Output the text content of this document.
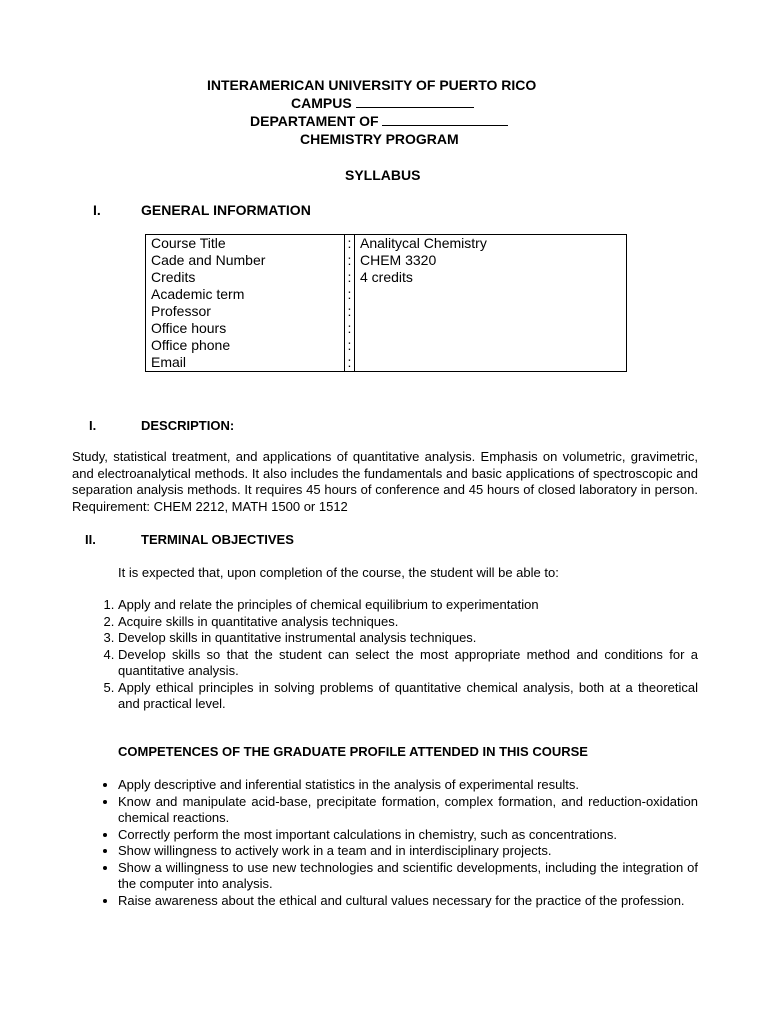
INTERAMERICAN UNIVERSITY OF PUERTO RICO
CAMPUS
DEPARTAMENT OF
CHEMISTRY PROGRAM
SYLLABUS
I.	GENERAL INFORMATION
Course Title	:	Analitycal Chemistry
Cade and Number	:	CHEM 3320
Credits	:	4 credits
Academic term	:	
Professor	:	
Office hours	:	
Office phone	:	
Email	:	
I.	DESCRIPTION:
Study, statistical treatment, and applications of quantitative analysis. Emphasis on volumetric, gravimetric, and electroanalytical methods. It also includes the fundamentals and basic applications of spectroscopic and separation analysis methods. It requires 45 hours of conference and 45 hours of closed laboratory in person. Requirement: CHEM 2212, MATH 1500 or 1512
II.	TERMINAL OBJECTIVES
It is expected that, upon completion of the course, the student will be able to:
1. Apply and relate the principles of chemical equilibrium to experimentation
2. Acquire skills in quantitative analysis techniques.
3. Develop skills in quantitative instrumental analysis techniques.
4. Develop skills so that the student can select the most appropriate method and conditions for a quantitative analysis.
5. Apply ethical principles in solving problems of quantitative chemical analysis, both at a theoretical and practical level.
COMPETENCES OF THE GRADUATE PROFILE ATTENDED IN THIS COURSE
• Apply descriptive and inferential statistics in the analysis of experimental results.
• Know and manipulate acid-base, precipitate formation, complex formation, and reduction-oxidation chemical reactions.
• Correctly perform the most important calculations in chemistry, such as concentrations.
• Show willingness to actively work in a team and in interdisciplinary projects.
• Show a willingness to use new technologies and scientific developments, including the integration of the computer into analysis.
• Raise awareness about the ethical and cultural values necessary for the practice of the profession.
